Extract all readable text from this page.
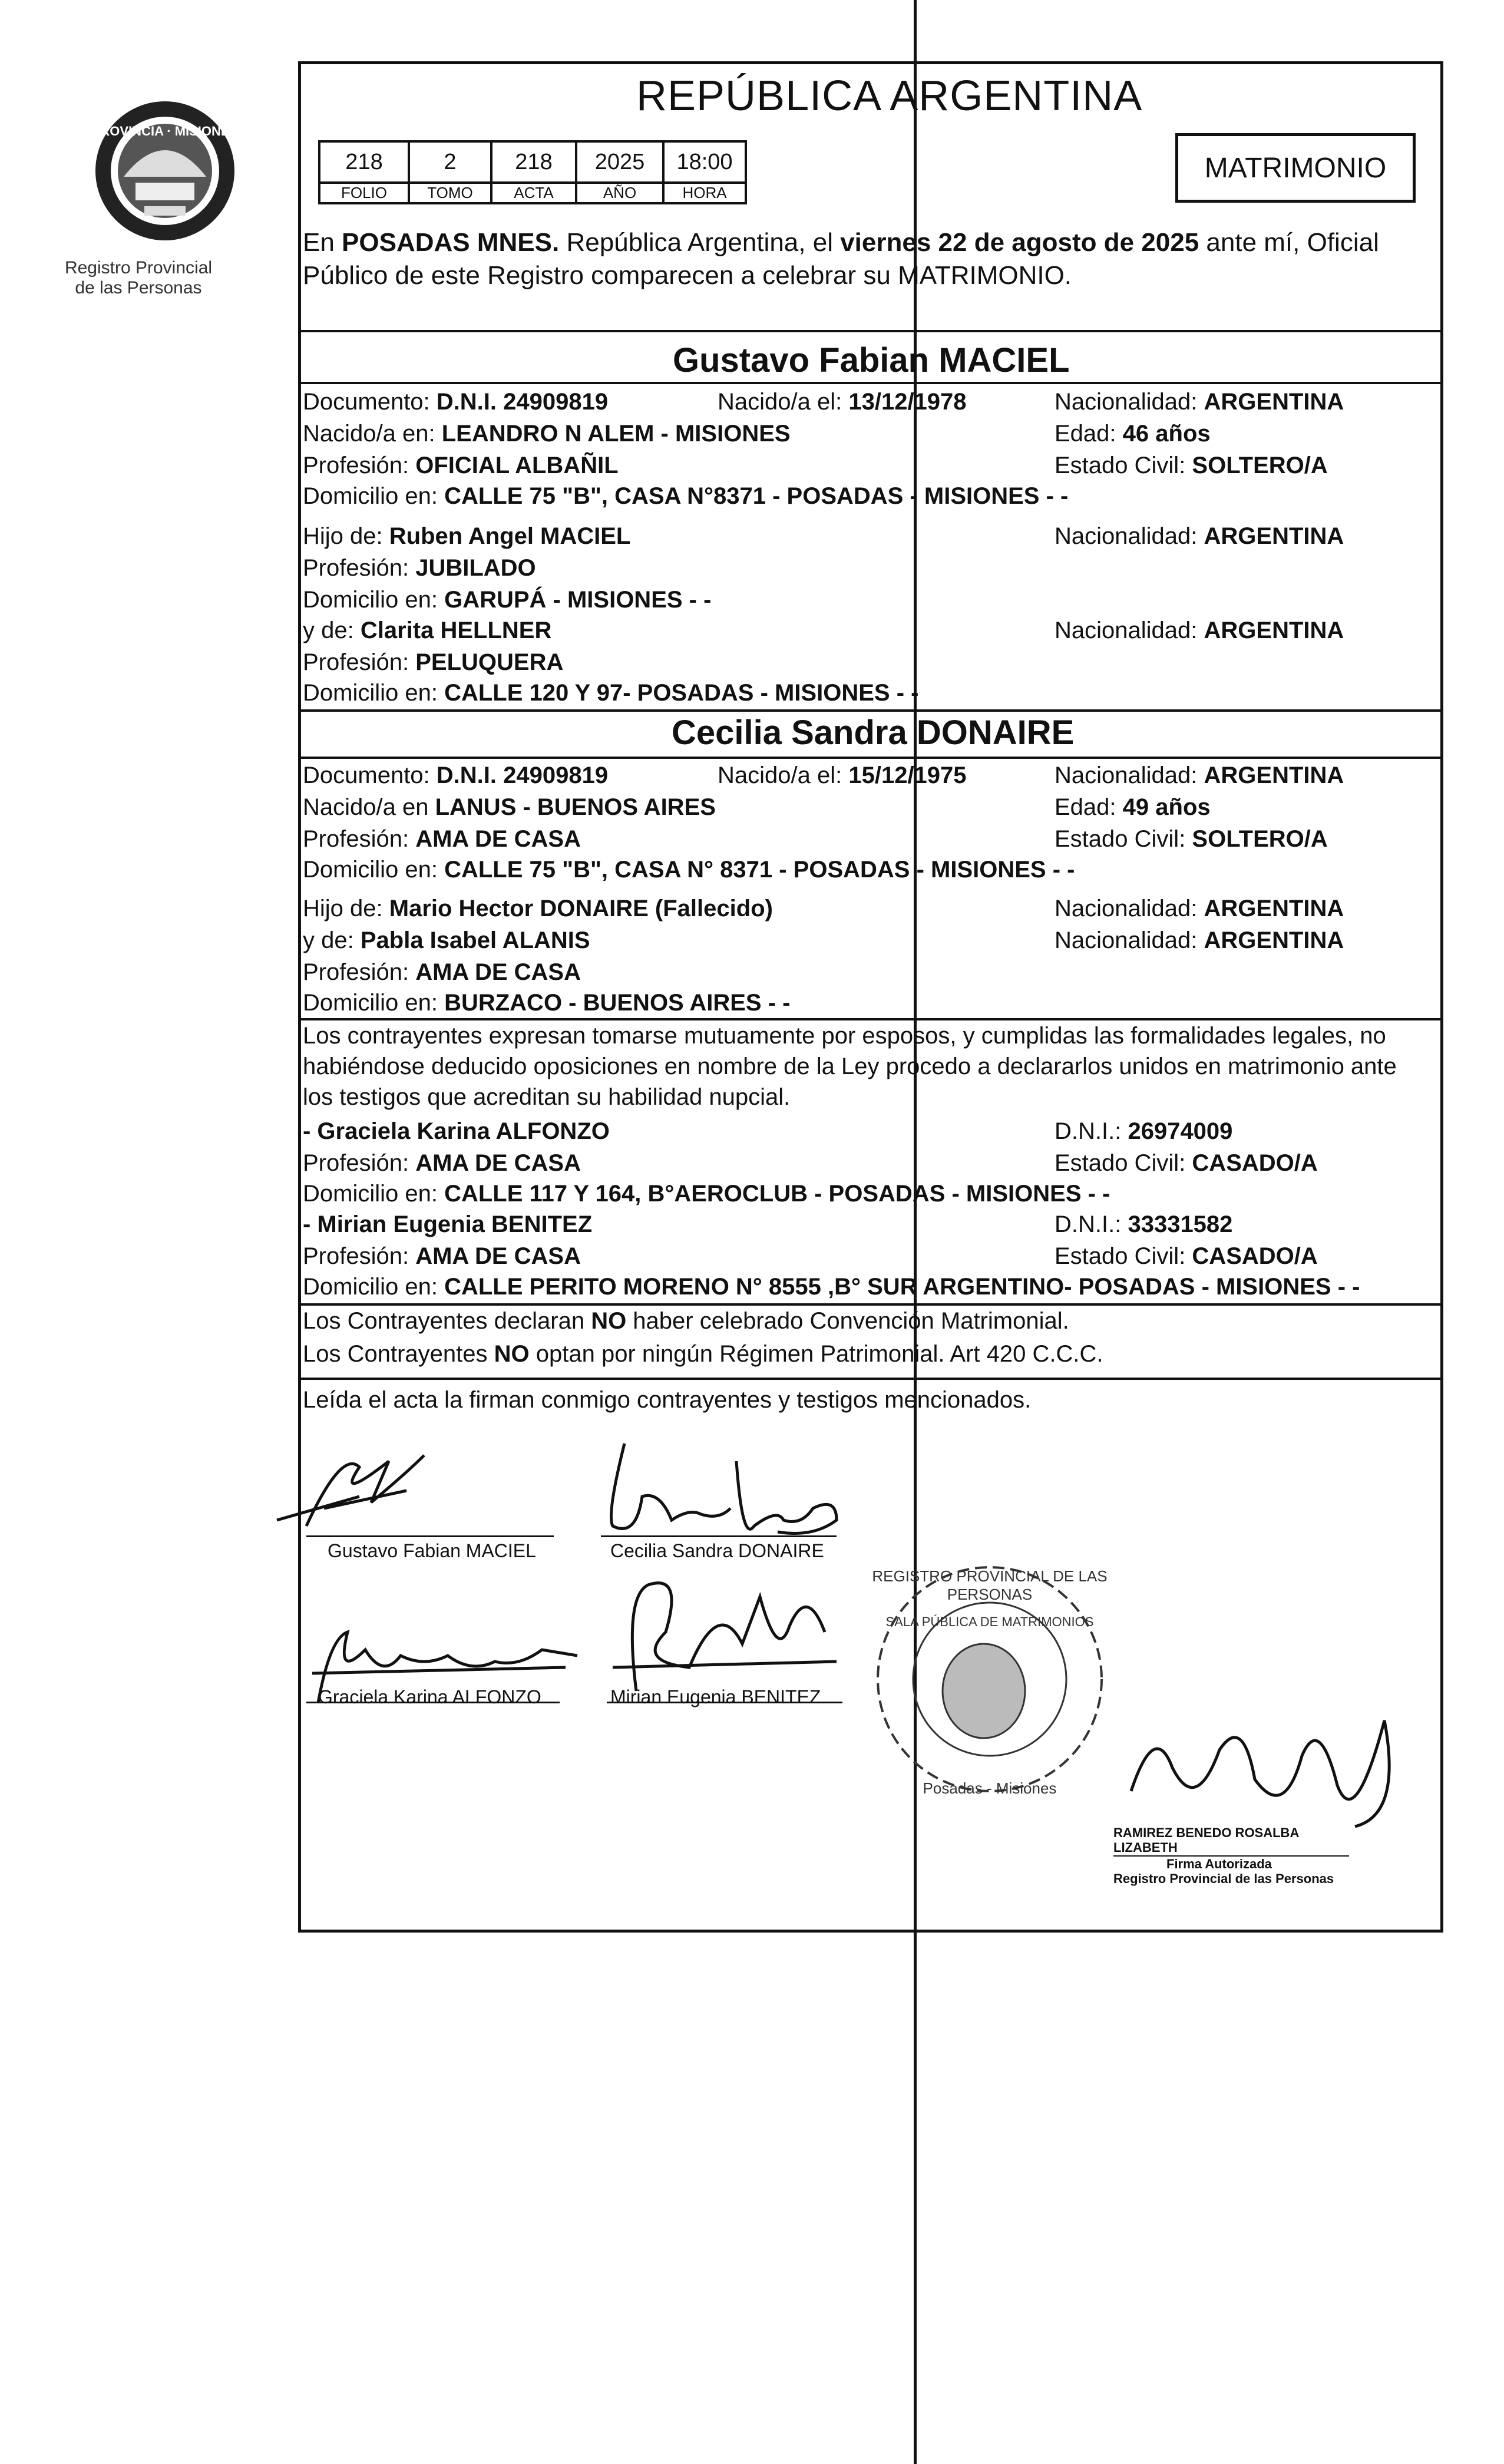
Registro Provincial
de las Personas
PROVINCIA · MISIONES
REPÚBLICA ARGENTINA
218	2	218	2025	18:00
FOLIO	TOMO	ACTA	AÑO	HORA
MATRIMONIO
En POSADAS MNES. República Argentina, el viernes 22 de agosto de 2025 ante mí, Oficial
Público de este Registro comparecen a celebrar su MATRIMONIO.
Gustavo Fabian MACIEL
Documento: D.N.I. 24909819	Nacido/a el: 13/12/1978	Nacionalidad: ARGENTINA
Nacido/a en: LEANDRO N ALEM - MISIONES	Edad: 46 años
Profesión: OFICIAL ALBAÑIL	Estado Civil: SOLTERO/A
Domicilio en: CALLE 75 "B", CASA N°8371 - POSADAS - MISIONES - -
Hijo de: Ruben Angel MACIEL	Nacionalidad: ARGENTINA
Profesión: JUBILADO
Domicilio en: GARUPÁ - MISIONES - -
y de: Clarita HELLNER	Nacionalidad: ARGENTINA
Profesión: PELUQUERA
Domicilio en: CALLE 120 Y 97- POSADAS - MISIONES - -
Cecilia Sandra DONAIRE
Documento: D.N.I. 24909819	Nacido/a el: 15/12/1975	Nacionalidad: ARGENTINA
Nacido/a en LANUS - BUENOS AIRES	Edad: 49 años
Profesión: AMA DE CASA	Estado Civil: SOLTERO/A
Domicilio en: CALLE 75 "B", CASA N° 8371 - POSADAS - MISIONES - -
Hijo de: Mario Hector DONAIRE (Fallecido)	Nacionalidad: ARGENTINA
y de: Pabla Isabel ALANIS	Nacionalidad: ARGENTINA
Profesión: AMA DE CASA
Domicilio en: BURZACO - BUENOS AIRES - -
Los contrayentes expresan tomarse mutuamente por esposos, y cumplidas las formalidades legales, no
habiéndose deducido oposiciones en nombre de la Ley procedo a declararlos unidos en matrimonio ante
los testigos que acreditan su habilidad nupcial.
- Graciela Karina ALFONZO	D.N.I.: 26974009
Profesión: AMA DE CASA	Estado Civil: CASADO/A
Domicilio en: CALLE 117 Y 164, B°AEROCLUB - POSADAS - MISIONES - -
- Mirian Eugenia BENITEZ	D.N.I.: 33331582
Profesión: AMA DE CASA	Estado Civil: CASADO/A
Domicilio en: CALLE PERITO MORENO N° 8555 ,B° SUR ARGENTINO- POSADAS - MISIONES - -
Los Contrayentes declaran NO haber celebrado Convención Matrimonial.
Los Contrayentes NO optan por ningún Régimen Patrimonial. Art 420 C.C.C.
Leída el acta la firman conmigo contrayentes y testigos mencionados.
Gustavo Fabian MACIEL	Cecilia Sandra DONAIRE
Graciela Karina ALFONZO	Mirian Eugenia BENITEZ
REGISTRO PROVINCIAL DE LAS PERSONAS
SALA PÚBLICA DE MATRIMONIOS
Posadas - Misiones
RAMIREZ BENEDO ROSALBA LIZABETH
Firma Autorizada
Registro Provincial de las Personas
